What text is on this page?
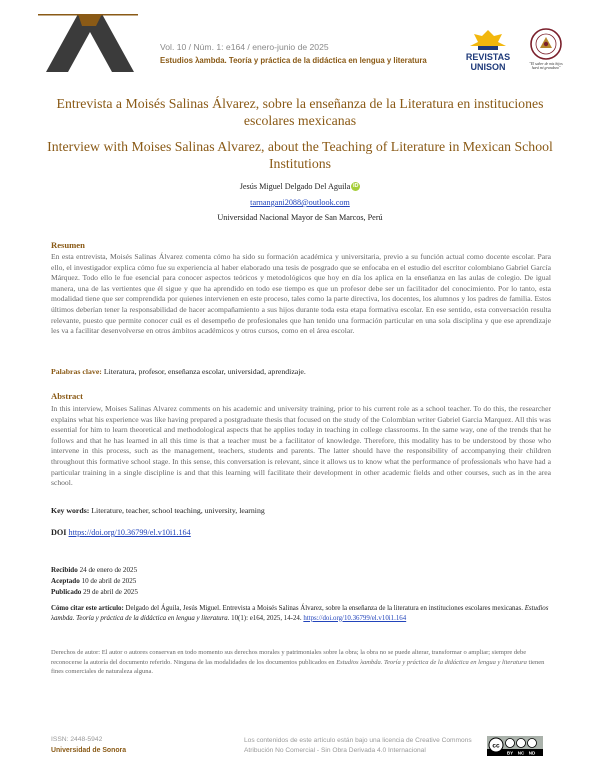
Vol. 10 / Núm. 1: e164 / enero-junio de 2025
Estudios λambda. Teoría y práctica de la didáctica en lengua y literatura	REVISTAS
UNISON	"El saber de mis hijos
hará mi grandeza"
Entrevista a Moisés Salinas Álvarez, sobre la enseñanza de la Literatura en instituciones escolares mexicanas
Interview with Moises Salinas Alvarez, about the Teaching of Literature in Mexican School Institutions
Jesús Miguel Delgado Del Aguila iD
tarnangani2088@outlook.com
Universidad Nacional Mayor de San Marcos, Perú
Resumen
En esta entrevista, Moisés Salinas Álvarez comenta cómo ha sido su formación académica y universitaria, previo a su función actual como docente escolar. Para ello, el investigador explica cómo fue su experiencia al haber elaborado una tesis de posgrado que se enfocaba en el estudio del escritor colombiano Gabriel García Márquez. Todo ello le fue esencial para conocer aspectos teóricos y metodológicos que hoy en día los aplica en la enseñanza en las aulas de colegio. De igual manera, una de las vertientes que él sigue y que ha aprendido en todo ese tiempo es que un profesor debe ser un facilitador del conocimiento. Por lo tanto, esta modalidad tiene que ser comprendida por quienes intervienen en este proceso, tales como la parte directiva, los docentes, los alumnos y los padres de familia. Estos últimos deberían tener la responsabilidad de hacer acompañamiento a sus hijos durante toda esta etapa formativa escolar. En ese sentido, esta conversación resulta relevante, puesto que permite conocer cuál es el desempeño de profesionales que han tenido una formación particular en una sola disciplina y que ese aprendizaje les va a facilitar desenvolverse en otros ámbitos académicos y otros cursos, como en el área escolar.
Palabras clave: Literatura, profesor, enseñanza escolar, universidad, aprendizaje.
Abstract
In this interview, Moises Salinas Alvarez comments on his academic and university training, prior to his current role as a school teacher. To do this, the researcher explains what his experience was like having prepared a postgraduate thesis that focused on the study of the Colombian writer Gabriel Garcia Marquez. All this was essential for him to learn theoretical and methodological aspects that he applies today in teaching in college classrooms. In the same way, one of the trends that he follows and that he has learned in all this time is that a teacher must be a facilitator of knowledge. Therefore, this modality has to be understood by those who intervene in this process, such as the management, teachers, students and parents. The latter should have the responsibility of accompanying their children throughout this formative school stage. In this sense, this conversation is relevant, since it allows us to know what the performance of professionals who have had a particular training in a single discipline is and that this learning will facilitate their development in other academic fields and other courses, such as in the area school.
Key words: Literature, teacher, school teaching, university, learning
DOI https://doi.org/10.36799/el.v10i1.164
Recibido 24 de enero de 2025
Aceptado 10 de abril de 2025
Publicado 29 de abril de 2025
Cómo citar este artículo: Delgado del Águila, Jesús Miguel. Entrevista a Moisés Salinas Álvarez, sobre la enseñanza de la literatura en instituciones escolares mexicanas. Estudios λambda. Teoría y práctica de la didáctica en lengua y literatura. 10(1): e164, 2025, 14-24. https://doi.org/10.36799/el.v10i1.164
Derechos de autor: El autor o autores conservan en todo momento sus derechos morales y patrimoniales sobre la obra; la obra no se puede alterar, transformar o ampliar; siempre debe reconocerse la autoría del documento referido. Ninguna de las modalidades de los documentos publicados en Estudios λambda. Teoría y práctica de la didáctica en lengua y literatura tienen fines comerciales de naturaleza alguna.
ISSN: 2448-5942
Universidad de Sonora
Los contenidos de este artículo están bajo una licencia de Creative Commons Atribución No Comercial - Sin Obra Derivada 4.0 Internacional
cc
BY NC ND
